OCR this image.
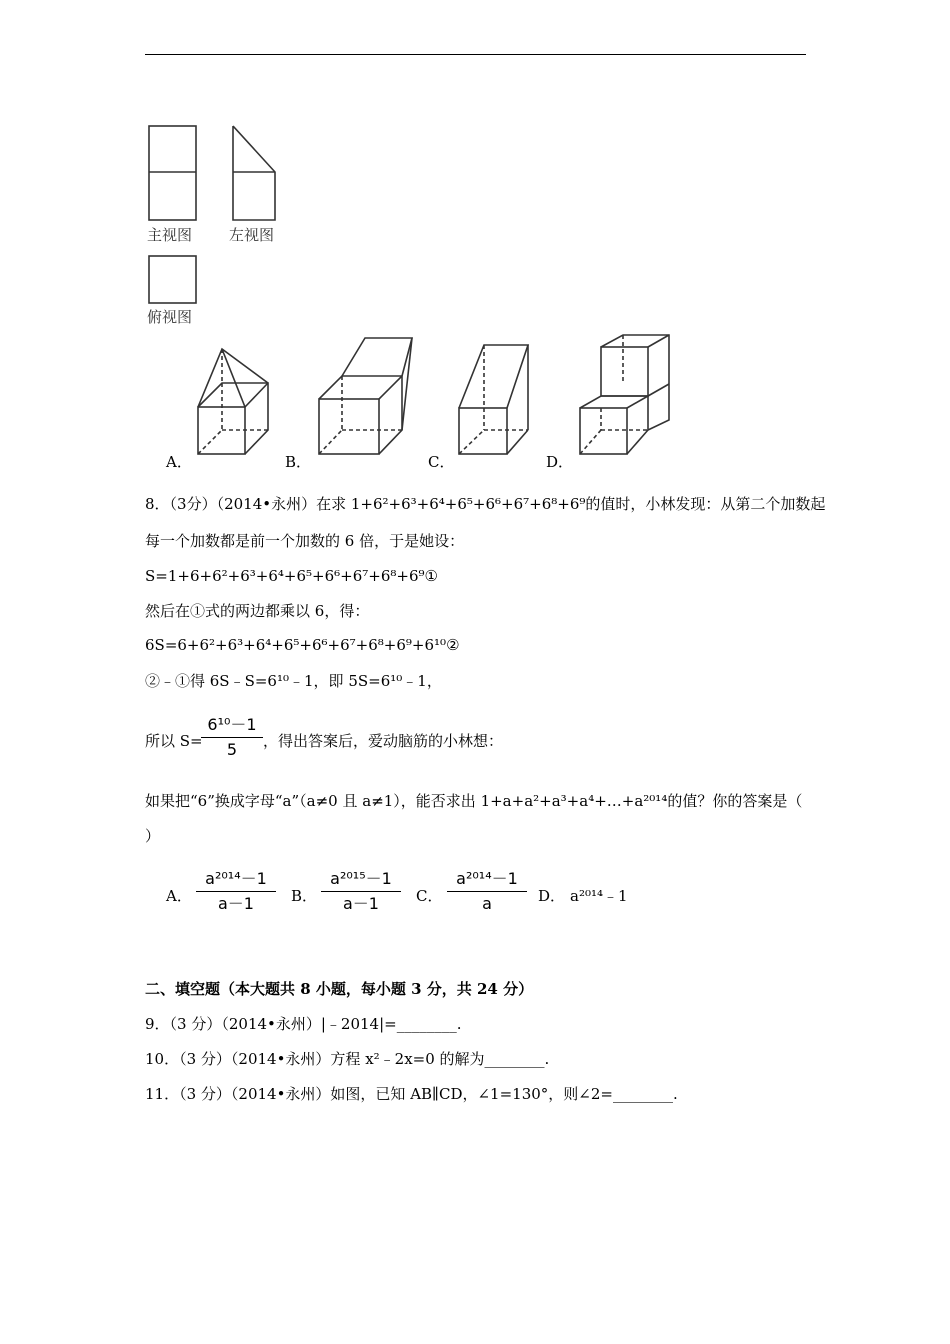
主视图 左视图
俯视图
A．	B．	C．	D．
8．（3分）（2014•永州）在求 1+6²+6³+6⁴+6⁵+6⁶+6⁷+6⁸+6⁹的值时，小林发现：从第二个加数起
每一个加数都是前一个加数的 6 倍，于是她设：
S=1+6+6²+6³+6⁴+6⁵+6⁶+6⁷+6⁸+6⁹①
然后在①式的两边都乘以 6，得：
6S=6+6²+6³+6⁴+6⁵+6⁶+6⁷+6⁸+6⁹+6¹⁰②
②﹣①得 6S﹣S=6¹⁰﹣1，即 5S=6¹⁰﹣1，
所以 S=
6¹⁰－1
5	，得出答案后，爱动脑筋的小林想：
如果把“6”换成字母“a”（a≠0 且 a≠1），能否求出 1+a+a²+a³+a⁴+…+a²⁰¹⁴的值？你的答案是（
）
A．
a²⁰¹⁴－1
a－1	B．
a²⁰¹⁵－1
a－1	C．
a²⁰¹⁴－1
a	D． a²⁰¹⁴﹣1
二、填空题（本大题共 8 小题，每小题 3 分，共 24 分）
9．（3 分）（2014•永州）|﹣2014|=________.
10．（3 分）（2014•永州）方程 x²﹣2x=0 的解为________.
11．（3 分）（2014•永州）如图，已知 AB∥CD，∠1=130°，则∠2=________.
